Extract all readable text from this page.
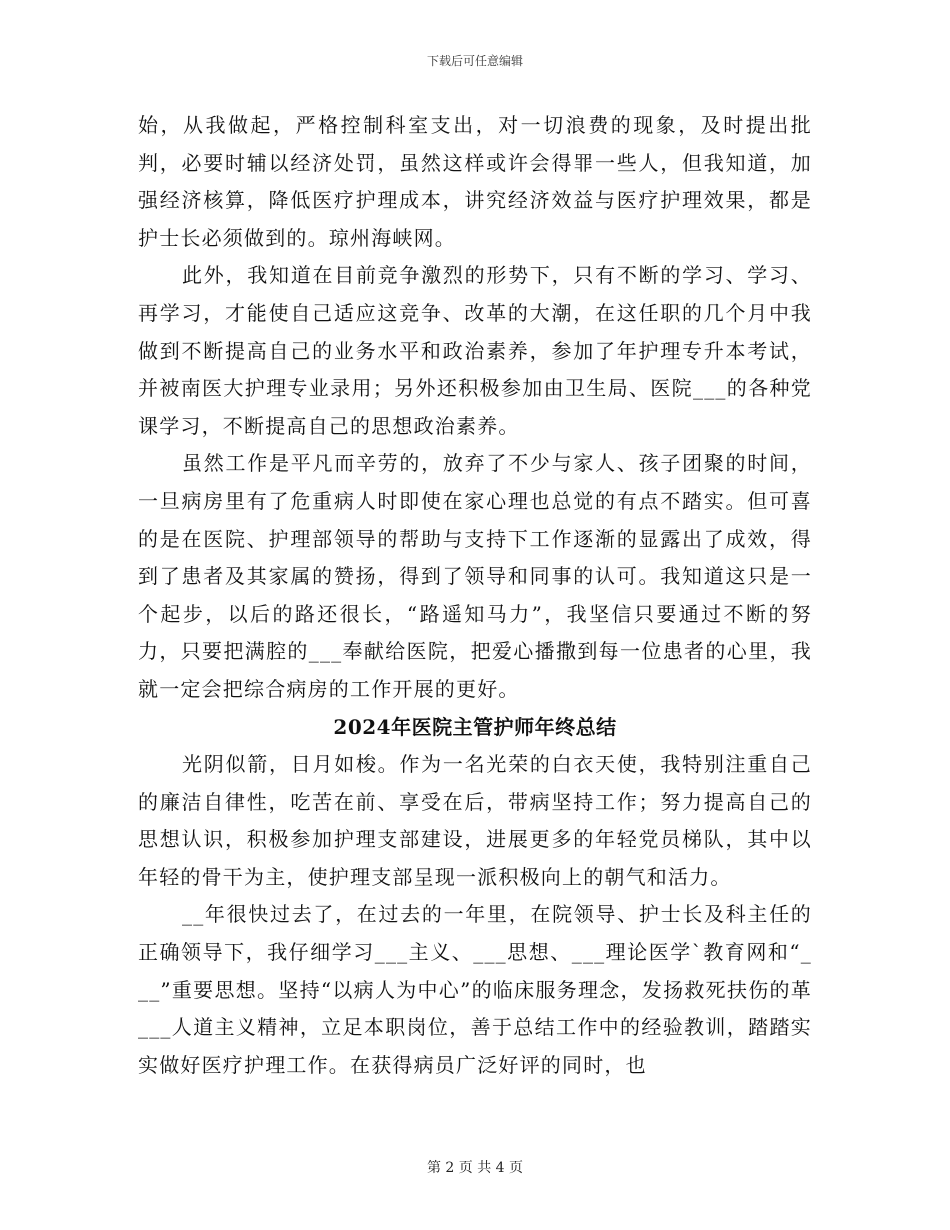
下载后可任意编辑

始，从我做起，严格控制科室支出，对一切浪费的现象，及时提出批判，必要时辅以经济处罚，虽然这样或许会得罪一些人，但我知道，加强经济核算，降低医疗护理成本，讲究经济效益与医疗护理效果，都是护士长必须做到的。琼州海峡网。

此外，我知道在目前竞争激烈的形势下，只有不断的学习、学习、再学习，才能使自己适应这竞争、改革的大潮，在这任职的几个月中我做到不断提高自己的业务水平和政治素养，参加了年护理专升本考试，并被南医大护理专业录用；另外还积极参加由卫生局、医院___的各种党课学习，不断提高自己的思想政治素养。

虽然工作是平凡而辛劳的，放弃了不少与家人、孩子团聚的时间，一旦病房里有了危重病人时即使在家心理也总觉的有点不踏实。但可喜的是在医院、护理部领导的帮助与支持下工作逐渐的显露出了成效，得到了患者及其家属的赞扬，得到了领导和同事的认可。我知道这只是一个起步，以后的路还很长，“路遥知马力”，我坚信只要通过不断的努力，只要把满腔的___奉献给医院，把爱心播撒到每一位患者的心里，我就一定会把综合病房的工作开展的更好。

2024年医院主管护师年终总结

光阴似箭，日月如梭。作为一名光荣的白衣天使，我特别注重自己的廉洁自律性，吃苦在前、享受在后，带病坚持工作；努力提高自己的思想认识，积极参加护理支部建设，进展更多的年轻党员梯队，其中以年轻的骨干为主，使护理支部呈现一派积极向上的朝气和活力。

__年很快过去了，在过去的一年里，在院领导、护士长及科主任的正确领导下，我仔细学习___主义、___思想、___理论医学`教育网和“___”重要思想。坚持“以病人为中心”的临床服务理念，发扬救死扶伤的革___人道主义精神，立足本职岗位，善于总结工作中的经验教训，踏踏实实做好医疗护理工作。在获得病员广泛好评的同时，也

第 2 页 共 4 页
